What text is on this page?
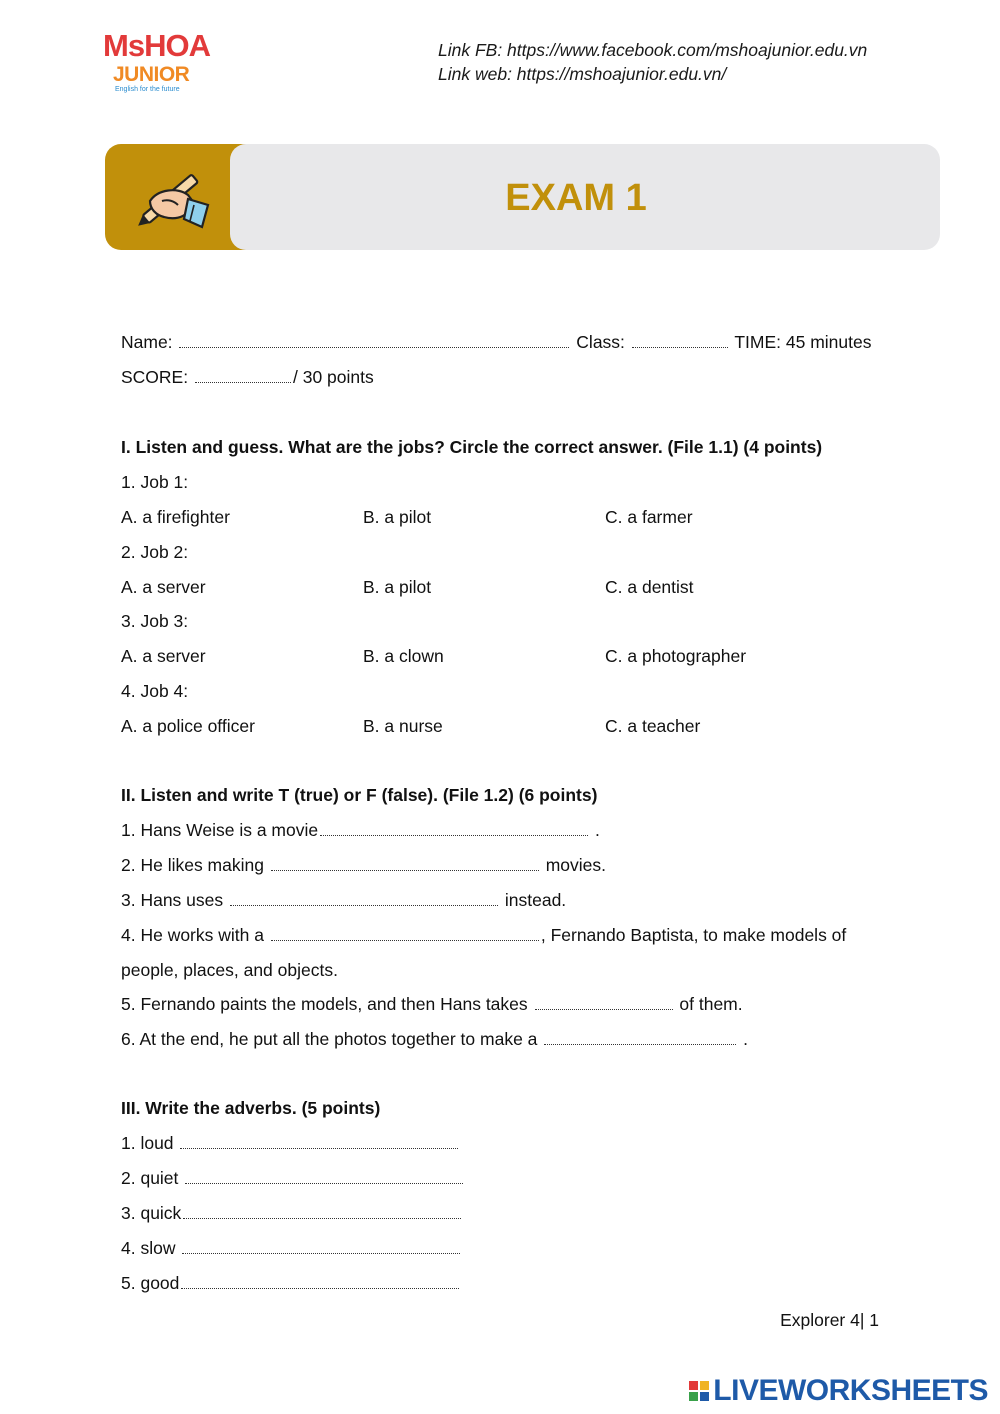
MsHOA
JUNIOR
English for the future
Link FB: https://www.facebook.com/mshoajunior.edu.vn
Link web: https://mshoajunior.edu.vn/
EXAM 1
Name:	Class:	TIME: 45 minutes
SCORE:	/ 30 points
I. Listen and guess. What are the jobs? Circle the correct answer. (File 1.1) (4 points)
1. Job 1:
A. a firefighter	B. a pilot	C. a farmer
2. Job 2:
A. a server	B. a pilot	C. a dentist
3. Job 3:
A. a server	B. a clown	C. a photographer
4. Job 4:
A. a police officer	B. a nurse	C. a teacher
II. Listen and write T (true) or F (false). (File 1.2) (6 points)
1. Hans Weise is a movie	.
2. He likes making	movies.
3. Hans uses	instead.
4. He works with a	, Fernando Baptista, to make models of
people, places, and objects.
5. Fernando paints the models, and then Hans takes	of them.
6. At the end, he put all the photos together to make a	.
III. Write the adverbs. (5 points)
1. loud
2. quiet
3. quick
4. slow
5. good
Explorer 4| 1
LIVEWORKSHEETS
